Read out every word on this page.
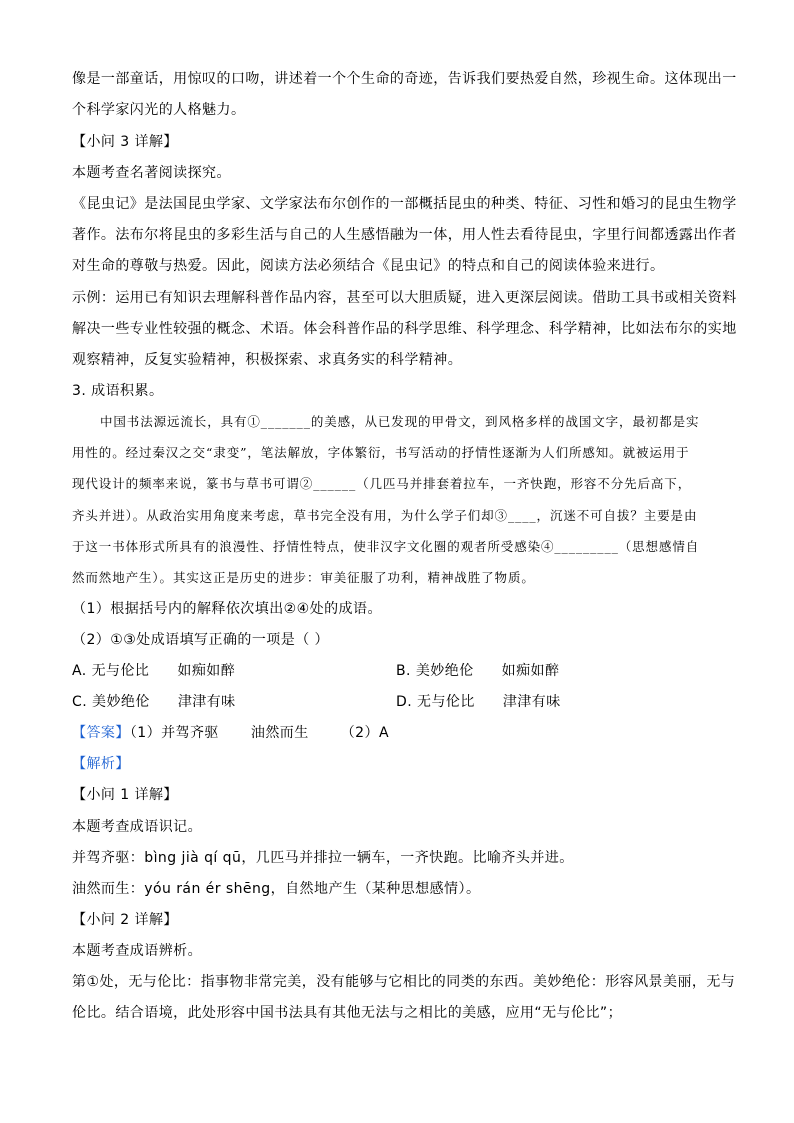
像是一部童话，用惊叹的口吻，讲述着一个个生命的奇迹，告诉我们要热爱自然，珍视生命。这体现出一
个科学家闪光的人格魅力。
【小问 3 详解】
本题考查名著阅读探究。
《昆虫记》是法国昆虫学家、文学家法布尔创作的一部概括昆虫的种类、特征、习性和婚习的昆虫生物学
著作。法布尔将昆虫的多彩生活与自己的人生感悟融为一体，用人性去看待昆虫，字里行间都透露出作者
对生命的尊敬与热爱。因此，阅读方法必须结合《昆虫记》的特点和自己的阅读体验来进行。
示例：运用已有知识去理解科普作品内容，甚至可以大胆质疑，进入更深层阅读。借助工具书或相关资料
解决一些专业性较强的概念、术语。体会科普作品的科学思维、科学理念、科学精神，比如法布尔的实地
观察精神，反复实验精神，积极探索、求真务实的科学精神。
3. 成语积累。
中国书法源远流长，具有①_______的美感，从已发现的甲骨文，到风格多样的战国文字，最初都是实
用性的。经过秦汉之交“隶变”，笔法解放，字体繁衍，书写活动的抒情性逐渐为人们所感知。就被运用于
现代设计的频率来说，篆书与草书可谓②______（几匹马并排套着拉车，一齐快跑，形容不分先后高下，
齐头并进）。从政治实用角度来考虑，草书完全没有用，为什么学子们却③____，沉迷不可自拔？主要是由
于这一书体形式所具有的浪漫性、抒情性特点，使非汉字文化圈的观者所受感染④_________（思想感情自
然而然地产生）。其实这正是历史的进步：审美征服了功利，精神战胜了物质。
（1）根据括号内的解释依次填出②④处的成语。
（2）①③处成语填写正确的一项是（ ）
A. 无与伦比 如痴如醉	B. 美妙绝伦 如痴如醉
C. 美妙绝伦 津津有味	D. 无与伦比 津津有味
【答案】（1）并驾齐驱 油然而生 （2）A
【解析】
【小问 1 详解】
本题考查成语识记。
并驾齐驱：bìng jià qí qū，几匹马并排拉一辆车，一齐快跑。比喻齐头并进。
油然而生：yóu rán ér shēng，自然地产生（某种思想感情）。
【小问 2 详解】
本题考查成语辨析。
第①处，无与伦比：指事物非常完美，没有能够与它相比的同类的东西。美妙绝伦：形容风景美丽，无与
伦比。结合语境，此处形容中国书法具有其他无法与之相比的美感，应用“无与伦比”；
